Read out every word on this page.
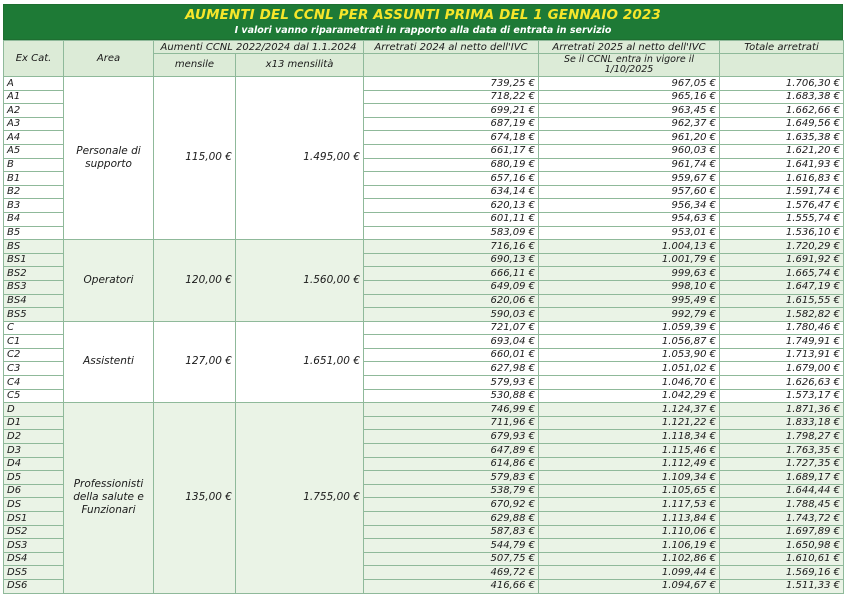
AUMENTI DEL CCNL PER ASSUNTI PRIMA DEL 1 GENNAIO 2023
I valori vanno riparametrati in rapporto alla data di entrata in servizio
Ex Cat.	Area	Aumenti CCNL 2022/2024 dal 1.1.2024		Arretrati 2024 al netto dell'IVC	Arretrati 2025 al netto dell'IVC	Totale arretrati
		mensile	x13 mensilità		Se il CCNL entra in vigore il 1/10/2025	
A	Personale di supporto	115,00 €	1.495,00 €	739,25 €	967,05 €	1.706,30 €
A1				718,22 €	965,16 €	1.683,38 €
A2				699,21 €	963,45 €	1.662,66 €
A3				687,19 €	962,37 €	1.649,56 €
A4				674,18 €	961,20 €	1.635,38 €
A5				661,17 €	960,03 €	1.621,20 €
B				680,19 €	961,74 €	1.641,93 €
B1				657,16 €	959,67 €	1.616,83 €
B2				634,14 €	957,60 €	1.591,74 €
B3				620,13 €	956,34 €	1.576,47 €
B4				601,11 €	954,63 €	1.555,74 €
B5				583,09 €	953,01 €	1.536,10 €
BS	Operatori	120,00 €	1.560,00 €	716,16 €	1.004,13 €	1.720,29 €
BS1				690,13 €	1.001,79 €	1.691,92 €
BS2				666,11 €	999,63 €	1.665,74 €
BS3				649,09 €	998,10 €	1.647,19 €
BS4				620,06 €	995,49 €	1.615,55 €
BS5				590,03 €	992,79 €	1.582,82 €
C	Assistenti	127,00 €	1.651,00 €	721,07 €	1.059,39 €	1.780,46 €
C1				693,04 €	1.056,87 €	1.749,91 €
C2				660,01 €	1.053,90 €	1.713,91 €
C3				627,98 €	1.051,02 €	1.679,00 €
C4				579,93 €	1.046,70 €	1.626,63 €
C5				530,88 €	1.042,29 €	1.573,17 €
D	Professionisti della salute e Funzionari	135,00 €	1.755,00 €	746,99 €	1.124,37 €	1.871,36 €
D1				711,96 €	1.121,22 €	1.833,18 €
D2				679,93 €	1.118,34 €	1.798,27 €
D3				647,89 €	1.115,46 €	1.763,35 €
D4				614,86 €	1.112,49 €	1.727,35 €
D5				579,83 €	1.109,34 €	1.689,17 €
D6				538,79 €	1.105,65 €	1.644,44 €
DS				670,92 €	1.117,53 €	1.788,45 €
DS1				629,88 €	1.113,84 €	1.743,72 €
DS2				587,83 €	1.110,06 €	1.697,89 €
DS3				544,79 €	1.106,19 €	1.650,98 €
DS4				507,75 €	1.102,86 €	1.610,61 €
DS5				469,72 €	1.099,44 €	1.569,16 €
DS6				416,66 €	1.094,67 €	1.511,33 €
